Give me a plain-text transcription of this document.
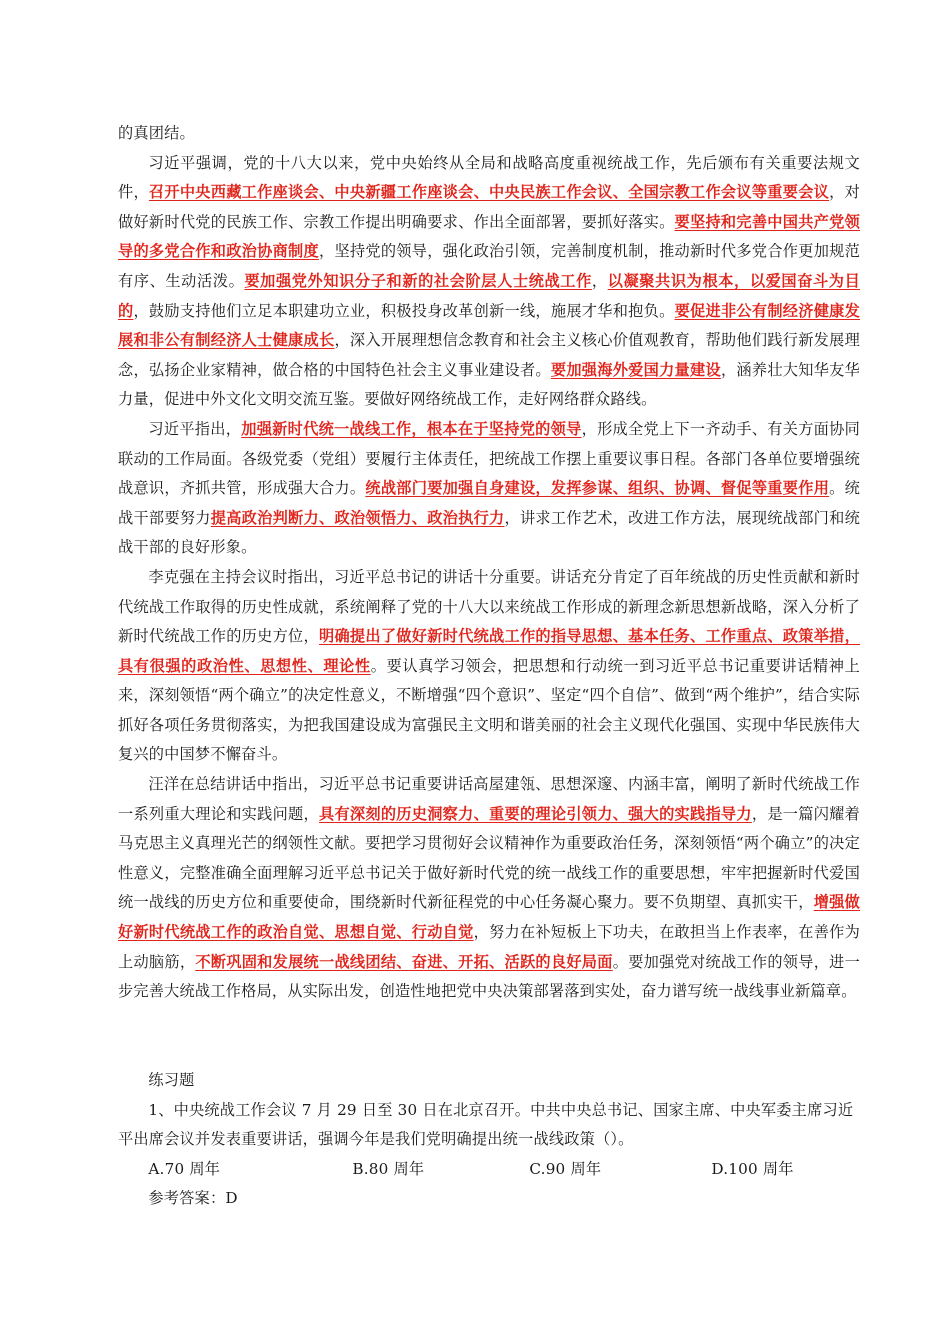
的真团结。

习近平强调，党的十八大以来，党中央始终从全局和战略高度重视统战工作，先后颁布有关重要法规文件，召开中央西藏工作座谈会、中央新疆工作座谈会、中央民族工作会议、全国宗教工作会议等重要会议，对做好新时代党的民族工作、宗教工作提出明确要求、作出全面部署，要抓好落实。要坚持和完善中国共产党领导的多党合作和政治协商制度，坚持党的领导，强化政治引领，完善制度机制，推动新时代多党合作更加规范有序、生动活泼。要加强党外知识分子和新的社会阶层人士统战工作，以凝聚共识为根本，以爱国奋斗为目的，鼓励支持他们立足本职建功立业，积极投身改革创新一线，施展才华和抱负。要促进非公有制经济健康发展和非公有制经济人士健康成长，深入开展理想信念教育和社会主义核心价值观教育，帮助他们践行新发展理念，弘扬企业家精神，做合格的中国特色社会主义事业建设者。要加强海外爱国力量建设，涵养壮大知华友华力量，促进中外文化文明交流互鉴。要做好网络统战工作，走好网络群众路线。

习近平指出，加强新时代统一战线工作，根本在于坚持党的领导，形成全党上下一齐动手、有关方面协同联动的工作局面。各级党委（党组）要履行主体责任，把统战工作摆上重要议事日程。各部门各单位要增强统战意识，齐抓共管，形成强大合力。统战部门要加强自身建设，发挥参谋、组织、协调、督促等重要作用。统战干部要努力提高政治判断力、政治领悟力、政治执行力，讲求工作艺术，改进工作方法，展现统战部门和统战干部的良好形象。

李克强在主持会议时指出，习近平总书记的讲话十分重要。讲话充分肯定了百年统战的历史性贡献和新时代统战工作取得的历史性成就，系统阐释了党的十八大以来统战工作形成的新理念新思想新战略，深入分析了新时代统战工作的历史方位，明确提出了做好新时代统战工作的指导思想、基本任务、工作重点、政策举措，具有很强的政治性、思想性、理论性。要认真学习领会，把思想和行动统一到习近平总书记重要讲话精神上来，深刻领悟“两个确立”的决定性意义，不断增强“四个意识”、坚定“四个自信”、做到“两个维护”，结合实际抓好各项任务贯彻落实，为把我国建设成为富强民主文明和谐美丽的社会主义现代化强国、实现中华民族伟大复兴的中国梦不懈奋斗。

汪洋在总结讲话中指出，习近平总书记重要讲话高屋建瓴、思想深邃、内涵丰富，阐明了新时代统战工作一系列重大理论和实践问题，具有深刻的历史洞察力、重要的理论引领力、强大的实践指导力，是一篇闪耀着马克思主义真理光芒的纲领性文献。要把学习贯彻好会议精神作为重要政治任务，深刻领悟“两个确立”的决定性意义，完整准确全面理解习近平总书记关于做好新时代党的统一战线工作的重要思想，牢牢把握新时代爱国统一战线的历史方位和重要使命，围绕新时代新征程党的中心任务凝心聚力。要不负期望、真抓实干，增强做好新时代统战工作的政治自觉、思想自觉、行动自觉，努力在补短板上下功夫，在敢担当上作表率，在善作为上动脑筋，不断巩固和发展统一战线团结、奋进、开拓、活跃的良好局面。要加强党对统战工作的领导，进一步完善大统战工作格局，从实际出发，创造性地把党中央决策部署落到实处，奋力谱写统一战线事业新篇章。

练习题

1、中央统战工作会议 7 月 29 日至 30 日在北京召开。中共中央总书记、国家主席、中央军委主席习近平出席会议并发表重要讲话，强调今年是我们党明确提出统一战线政策（）。

A.70 周年	B.80 周年	C.90 周年	D.100 周年

参考答案：D
